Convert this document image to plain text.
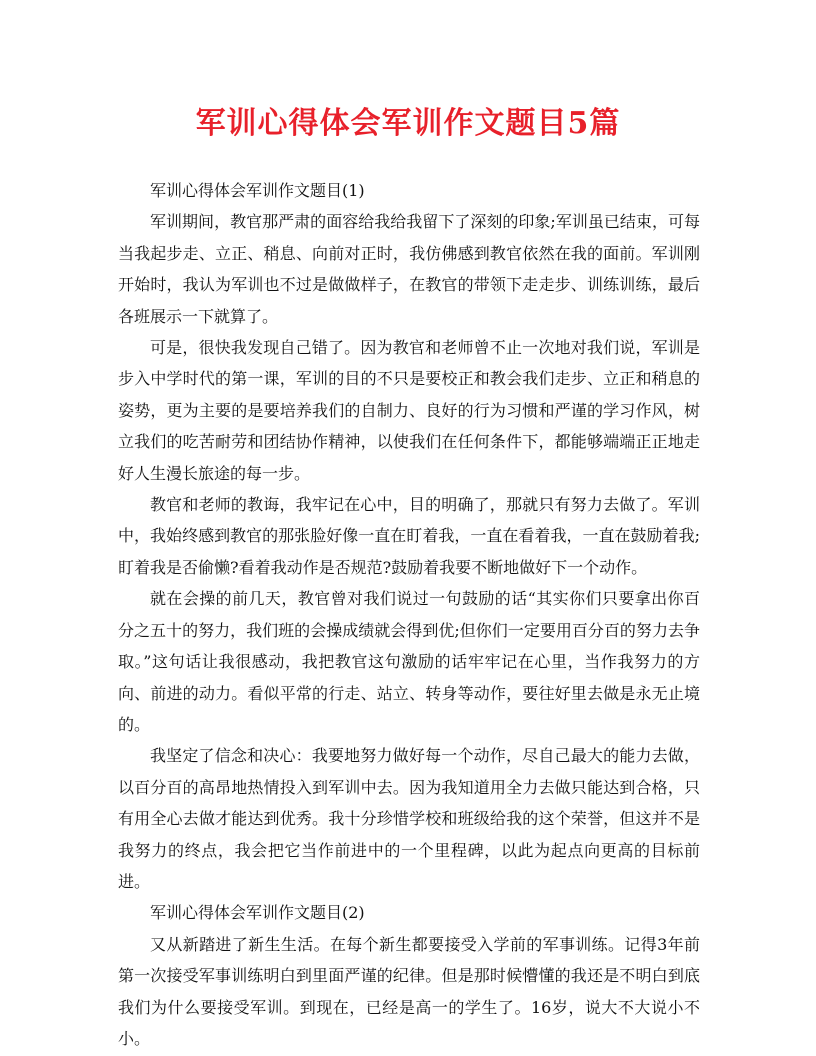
军训心得体会军训作文题目5篇

军训心得体会军训作文题目(1)

军训期间，教官那严肃的面容给我给我留下了深刻的印象;军训虽已结束，可每当我起步走、立正、稍息、向前对正时，我仿佛感到教官依然在我的面前。军训刚开始时，我认为军训也不过是做做样子，在教官的带领下走走步、训练训练，最后各班展示一下就算了。

可是，很快我发现自己错了。因为教官和老师曾不止一次地对我们说，军训是步入中学时代的第一课，军训的目的不只是要校正和教会我们走步、立正和稍息的姿势，更为主要的是要培养我们的自制力、良好的行为习惯和严谨的学习作风，树立我们的吃苦耐劳和团结协作精神，以使我们在任何条件下，都能够端端正正地走好人生漫长旅途的每一步。

教官和老师的教诲，我牢记在心中，目的明确了，那就只有努力去做了。军训中，我始终感到教官的那张脸好像一直在盯着我，一直在看着我，一直在鼓励着我;盯着我是否偷懒?看着我动作是否规范?鼓励着我要不断地做好下一个动作。

就在会操的前几天，教官曾对我们说过一句鼓励的话“其实你们只要拿出你百分之五十的努力，我们班的会操成绩就会得到优;但你们一定要用百分百的努力去争取。”这句话让我很感动，我把教官这句激励的话牢牢记在心里，当作我努力的方向、前进的动力。看似平常的行走、站立、转身等动作，要往好里去做是永无止境的。

我坚定了信念和决心：我要地努力做好每一个动作，尽自己最大的能力去做，以百分百的高昂地热情投入到军训中去。因为我知道用全力去做只能达到合格，只有用全心去做才能达到优秀。我十分珍惜学校和班级给我的这个荣誉，但这并不是我努力的终点，我会把它当作前进中的一个里程碑，以此为起点向更高的目标前进。

军训心得体会军训作文题目(2)

又从新踏进了新生生活。在每个新生都要接受入学前的军事训练。记得3年前第一次接受军事训练明白到里面严谨的纪律。但是那时候懵懂的我还是不明白到底我们为什么要接受军训。到现在，已经是高一的学生了。16岁，说大不大说小不小。
